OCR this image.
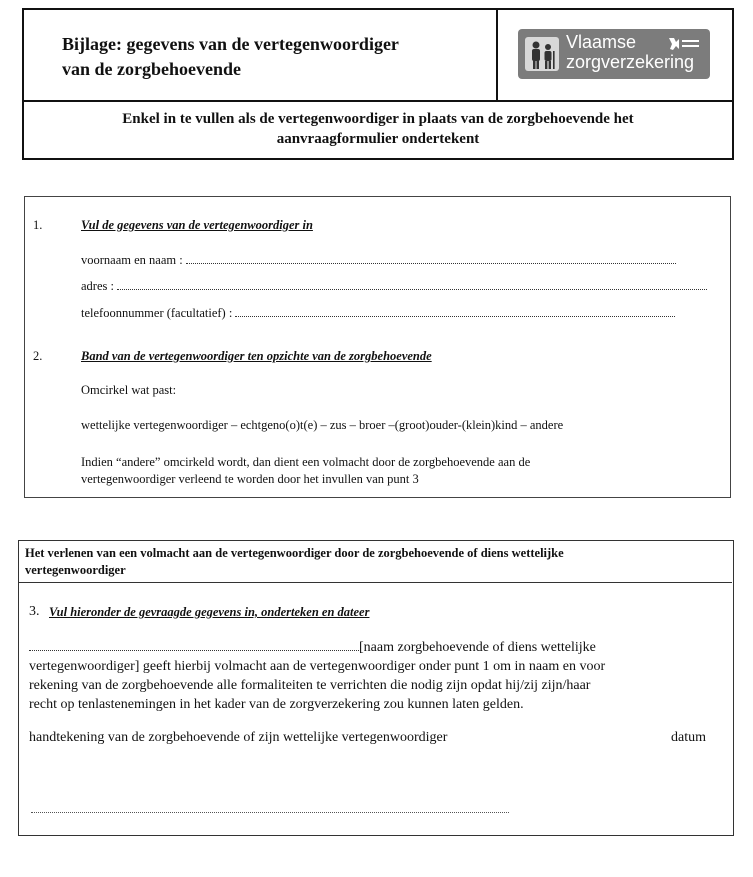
Bijlage: gegevens van de vertegenwoordiger
van de zorgbehoevende
Vlaamse
zorgverzekering
Enkel in te vullen als de vertegenwoordiger in plaats van de zorgbehoevende het
aanvraagformulier ondertekent
1.	Vul de gegevens van de vertegenwoordiger in
voornaam en naam :
adres :
telefoonnummer (facultatief) :
2.	Band van de vertegenwoordiger ten opzichte van de zorgbehoevende
Omcirkel wat past:
wettelijke vertegenwoordiger – echtgeno(o)t(e) – zus – broer –(groot)ouder-(klein)kind – andere
Indien “andere” omcirkeld wordt, dan dient een volmacht door de zorgbehoevende aan de
vertegenwoordiger verleend te worden door het invullen van punt 3
Het verlenen van een volmacht aan de vertegenwoordiger door de zorgbehoevende of diens wettelijke
vertegenwoordiger
3. Vul hieronder de gevraagde gegevens in, onderteken en dateer
[naam zorgbehoevende of diens wettelijke
vertegenwoordiger] geeft hierbij volmacht aan de vertegenwoordiger onder punt 1 om in naam en voor
rekening van de zorgbehoevende alle formaliteiten te verrichten die nodig zijn opdat hij/zij zijn/haar
recht op tenlastenemingen in het kader van de zorgverzekering zou kunnen laten gelden.
handtekening van de zorgbehoevende of zijn wettelijke vertegenwoordiger	datum
